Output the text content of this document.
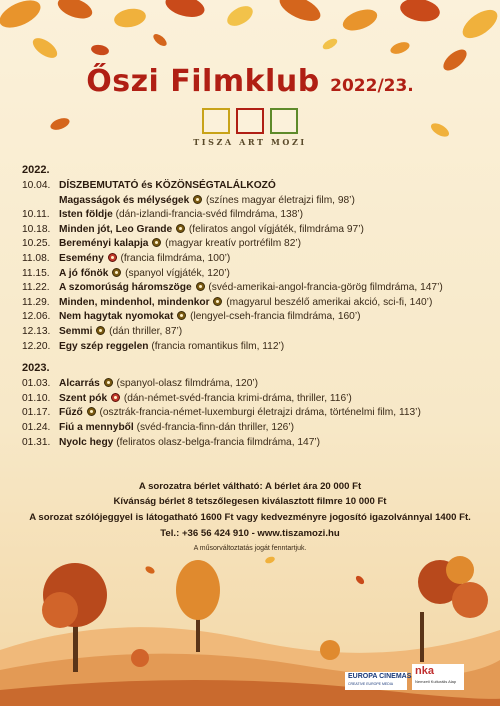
Őszi Filmklub 2022/23.
TISZA ART MOZI
2022.
10.04. DÍSZBEMUTATÓ és KÖZÖNSÉGTALÁLKOZÓ
Magasságok és mélységek (színes magyar életrajzi film, 98’)
10.11. Isten földje (dán-izlandi-francia-svéd filmdráma, 138’)
10.18. Minden jót, Leo Grande (feliratos angol vígjáték, filmdráma 97’)
10.25. Bereményi kalapja (magyar kreatív portréfilm 82’)
11.08. Esemény (francia filmdráma, 100’)
11.15. A jó főnök (spanyol vígjáték, 120’)
11.22. A szomorúság háromszöge (svéd-amerikai-angol-francia-görög filmdráma, 147’)
11.29. Minden, mindenhol, mindenkor (magyarul beszélő amerikai akció, sci-fi, 140’)
12.06. Nem hagytak nyomokat (lengyel-cseh-francia filmdráma, 160’)
12.13. Semmi (dán thriller, 87’)
12.20. Egy szép reggelen (francia romantikus film, 112’)
2023.
01.03. Alcarrás (spanyol-olasz filmdráma, 120’)
01.10. Szent pók (dán-német-svéd-francia krimi-dráma, thriller, 116’)
01.17. Fűző (osztrák-francia-német-luxemburgi életrajzi dráma, történelmi film, 113’)
01.24. Fiú a mennyből (svéd-francia-finn-dán thriller, 126’)
01.31. Nyolc hegy (feliratos olasz-belga-francia filmdráma, 147’)
A sorozatra bérlet váltható: A bérlet ára 20 000 Ft
Kívánság bérlet 8 tetszőlegesen kiválasztott filmre 10 000 Ft
A sorozat szólójeggyel is látogatható 1600 Ft vagy kedvezményre jogosító igazolvánnyal 1400 Ft.
Tel.: +36 56 424 910 - www.tiszamozi.hu
A műsorváltoztatás jogát fenntartjuk.
EUROPA CINEMAS
CREATIVE EUROPE MEDIA
nka
Nemzeti Kulturális Alap
